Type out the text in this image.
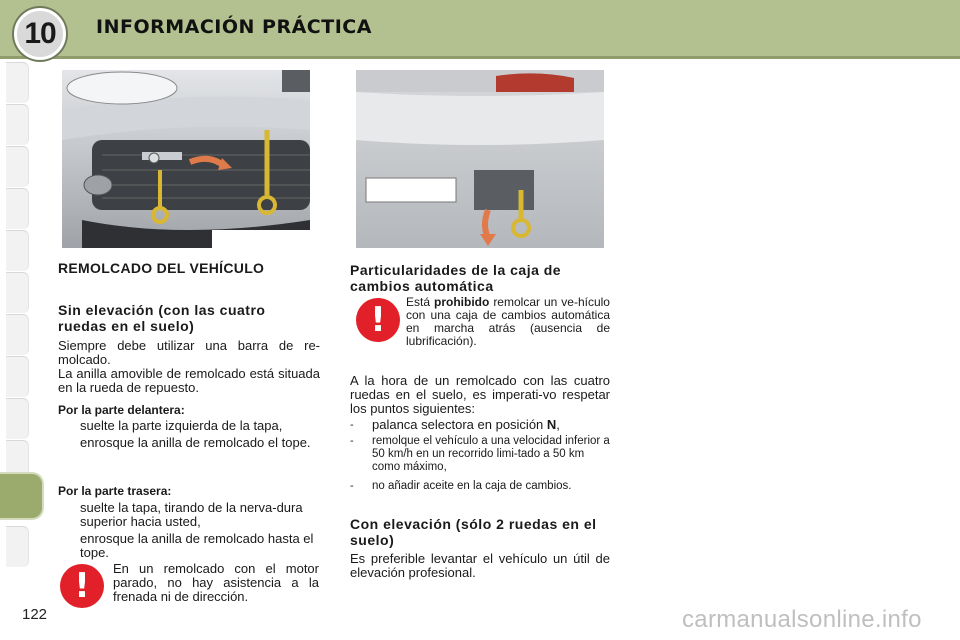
10 INFORMACIÓN PRÁCTICA
REMOLCADO DEL VEHÍCULO
Sin elevación (con las cuatro ruedas en el suelo)
Siempre debe utilizar una barra de re-molcado.
La anilla amovible de remolcado está situada en la rueda de repuesto.
Por la parte delantera:
suelte la parte izquierda de la tapa,
enrosque la anilla de remolcado el tope.
Por la parte trasera:
suelte la tapa, tirando de la nerva-dura superior hacia usted,
enrosque la anilla de remolcado hasta el tope.
! En un remolcado con el motor parado, no hay asistencia a la frenada ni de dirección.
Particularidades de la caja de cambios automática
! Está prohibido remolcar un ve-hículo con una caja de cambios automática en marcha atrás (ausencia de lubrificación).
A la hora de un remolcado con las cuatro ruedas en el suelo, es imperati-vo respetar los puntos siguientes:
- palanca selectora en posición N,
- remolque el vehículo a una velocidad inferior a 50 km/h en un recorrido limi-tado a 50 km como máximo,
- no añadir aceite en la caja de cambios.
Con elevación (sólo 2 ruedas en el suelo)
Es preferible levantar el vehículo un útil de elevación profesional.
122	carmanualsonline.info
